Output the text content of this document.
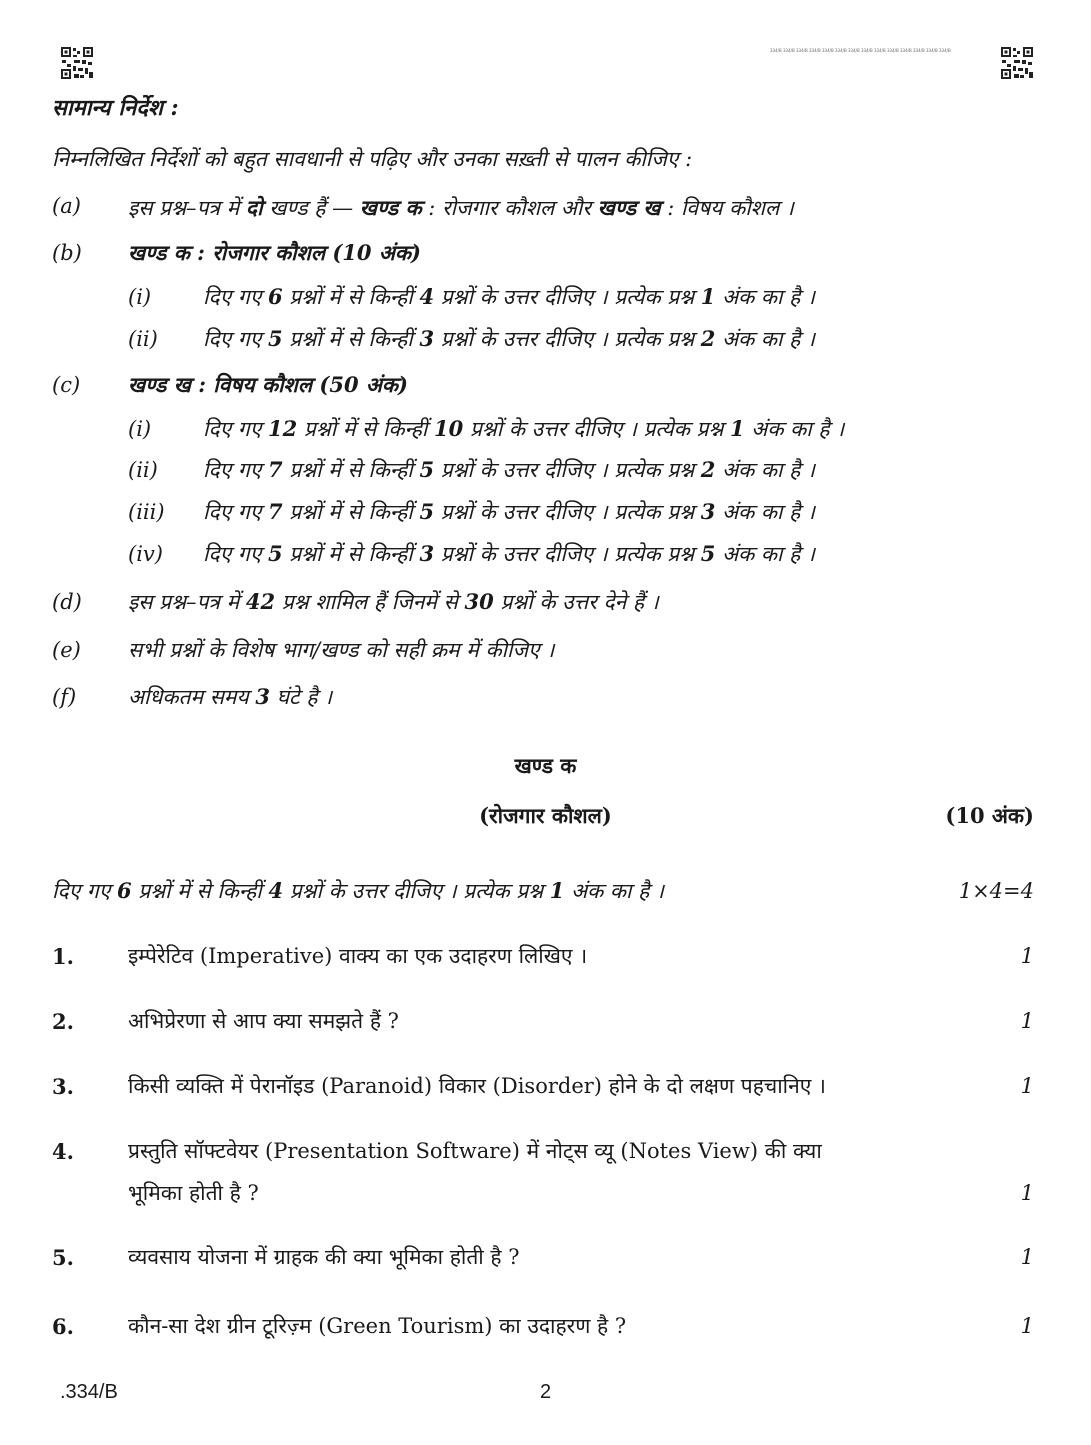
334/B 334/B 334/B 334/B 334/B 334/B 334/B 334/B 334/B 334/B 334/B 334/B 334/B 334/B
सामान्य निर्देश :
निम्नलिखित निर्देशों को बहुत सावधानी से पढ़िए और उनका सख़्ती से पालन कीजिए :
(a) इस प्रश्न–पत्र में दो खण्ड हैं — खण्ड क : रोजगार कौशल और खण्ड ख : विषय कौशल ।
(b) खण्ड क : रोजगार कौशल (10 अंक)
(i) दिए गए 6 प्रश्नों में से किन्हीं 4 प्रश्नों के उत्तर दीजिए । प्रत्येक प्रश्न 1 अंक का है ।
(ii) दिए गए 5 प्रश्नों में से किन्हीं 3 प्रश्नों के उत्तर दीजिए । प्रत्येक प्रश्न 2 अंक का है ।
(c) खण्ड ख : विषय कौशल (50 अंक)
(i) दिए गए 12 प्रश्नों में से किन्हीं 10 प्रश्नों के उत्तर दीजिए । प्रत्येक प्रश्न 1 अंक का है ।
(ii) दिए गए 7 प्रश्नों में से किन्हीं 5 प्रश्नों के उत्तर दीजिए । प्रत्येक प्रश्न 2 अंक का है ।
(iii) दिए गए 7 प्रश्नों में से किन्हीं 5 प्रश्नों के उत्तर दीजिए । प्रत्येक प्रश्न 3 अंक का है ।
(iv) दिए गए 5 प्रश्नों में से किन्हीं 3 प्रश्नों के उत्तर दीजिए । प्रत्येक प्रश्न 5 अंक का है ।
(d) इस प्रश्न–पत्र में 42 प्रश्न शामिल हैं जिनमें से 30 प्रश्नों के उत्तर देने हैं ।
(e) सभी प्रश्नों के विशेष भाग/खण्ड को सही क्रम में कीजिए ।
(f) अधिकतम समय 3 घंटे है ।
खण्ड क
(रोजगार कौशल)	(10 अंक)
दिए गए 6 प्रश्नों में से किन्हीं 4 प्रश्नों के उत्तर दीजिए । प्रत्येक प्रश्न 1 अंक का है ।	1×4=4
1.	इम्पेरेटिव (Imperative) वाक्य का एक उदाहरण लिखिए ।	1
2.	अभिप्रेरणा से आप क्या समझते हैं ?	1
3.	किसी व्यक्ति में पेरानॉइड (Paranoid) विकार (Disorder) होने के दो लक्षण पहचानिए ।	1
4.	प्रस्तुति सॉफ्टवेयर (Presentation Software) में नोट्स व्यू (Notes View) की क्या
भूमिका होती है ?	1
5.	व्यवसाय योजना में ग्राहक की क्या भूमिका होती है ?	1
6.	कौन-सा देश ग्रीन टूरिज़्म (Green Tourism) का उदाहरण है ?	1
.334/B	2
